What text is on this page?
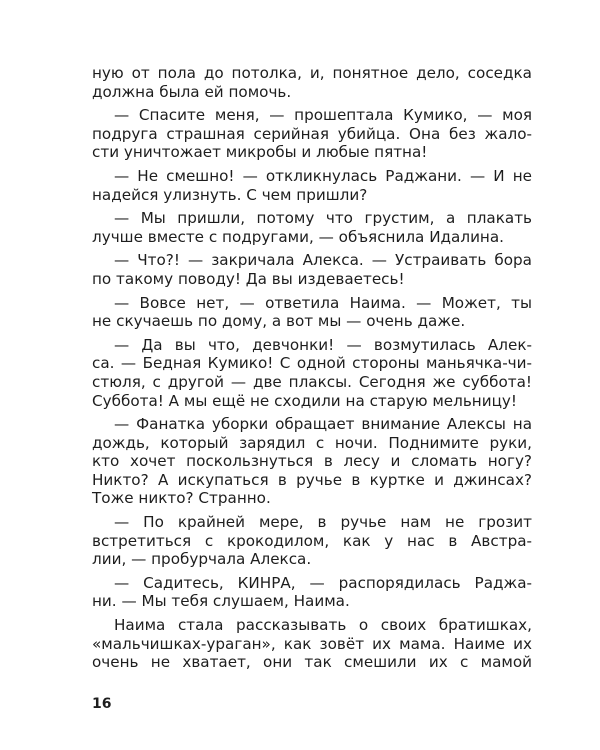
ную от пола до потолка, и, понятное дело, соседка
должна была ей помочь.
— Спасите меня, — прошептала Кумико, — моя
подруга страшная серийная убийца. Она без жало-
сти уничтожает микробы и любые пятна!
— Не смешно! — откликнулась Раджани. — И не
надейся улизнуть. С чем пришли?
— Мы пришли, потому что грустим, а плакать
лучше вместе с подругами, — объяснила Идалина.
— Что?! — закричала Алекса. — Устраивать бора
по такому поводу! Да вы издеваетесь!
— Вовсе нет, — ответила Наима. — Может, ты
не скучаешь по дому, а вот мы — очень даже.
— Да вы что, девчонки! — возмутилась Алек-
са. — Бедная Кумико! С одной стороны маньячка-чи-
стюля, с другой — две плаксы. Сегодня же суббота!
Суббота! А мы ещё не сходили на старую мельницу!
— Фанатка уборки обращает внимание Алексы на
дождь, который зарядил с ночи. Поднимите руки,
кто хочет поскользнуться в лесу и сломать ногу?
Никто? А искупаться в ручье в куртке и джинсах?
Тоже никто? Странно.
— По крайней мере, в ручье нам не грозит
встретиться с крокодилом, как у нас в Австра-
лии, — пробурчала Алекса.
— Садитесь, КИНРА, — распорядилась Раджа-
ни. — Мы тебя слушаем, Наима.
Наима стала рассказывать о своих братишках,
«мальчишках-ураган», как зовёт их мама. Наиме их
очень не хватает, они так смешили их с мамой
16
